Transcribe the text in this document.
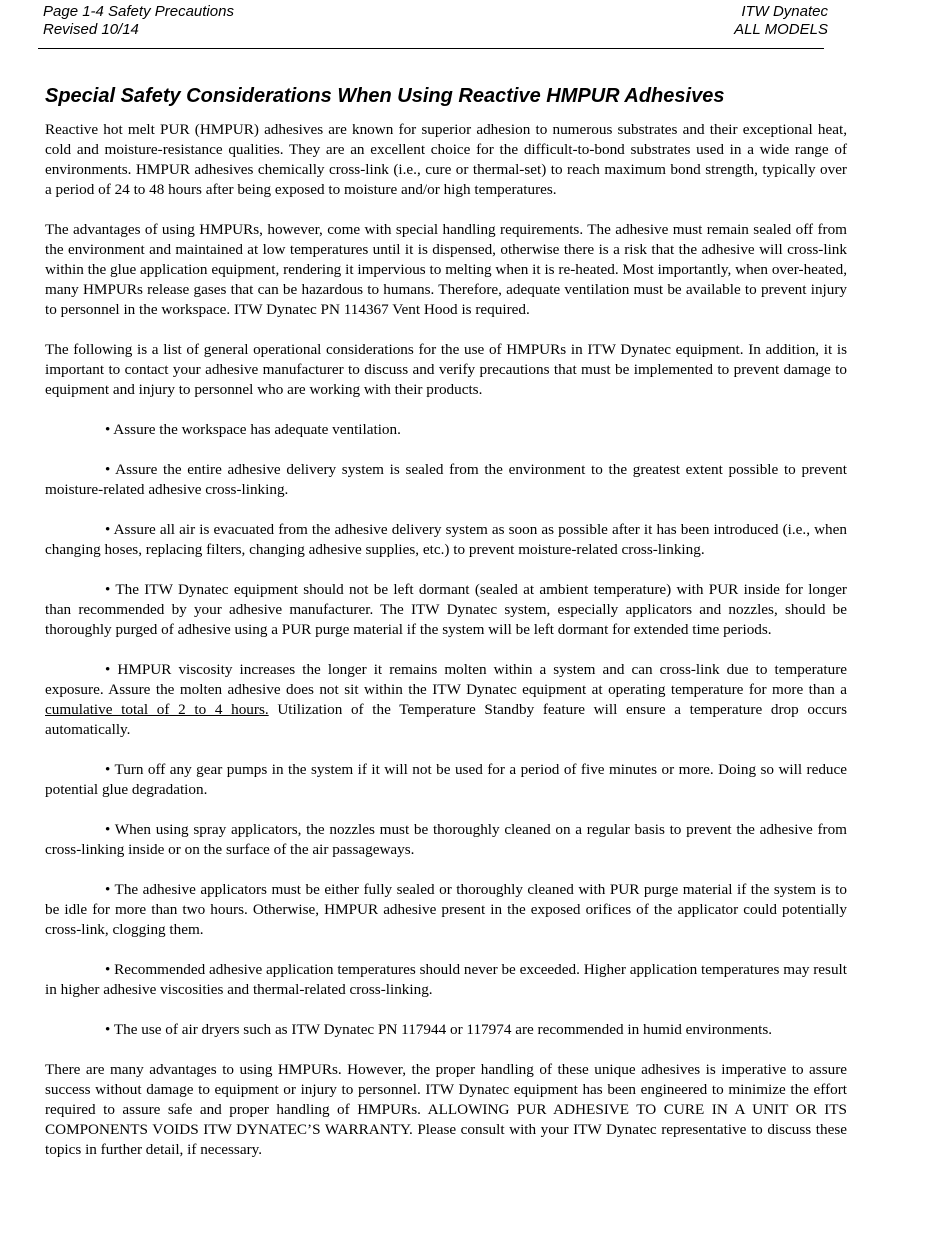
Page 1-4 Safety Precautions
Revised 10/14
ITW Dynatec
ALL MODELS
Special Safety Considerations When Using Reactive HMPUR Adhesives

Reactive hot melt PUR (HMPUR) adhesives are known for superior adhesion to numerous substrates and their exceptional heat, cold and moisture-resistance qualities. They are an excellent choice for the difficult-to-bond substrates used in a wide range of environments. HMPUR adhesives chemically cross-link (i.e., cure or thermal-set) to reach maximum bond strength, typically over a period of 24 to 48 hours after being exposed to moisture and/or high temperatures.

The advantages of using HMPURs, however, come with special handling requirements. The adhesive must remain sealed off from the environment and maintained at low temperatures until it is dispensed, otherwise there is a risk that the adhesive will cross-link within the glue application equipment, rendering it impervious to melting when it is re-heated. Most importantly, when over-heated, many HMPURs release gases that can be hazardous to humans. Therefore, adequate ventilation must be available to prevent injury to personnel in the workspace. ITW Dynatec PN 114367 Vent Hood is required.

The following is a list of general operational considerations for the use of HMPURs in ITW Dynatec equipment. In addition, it is important to contact your adhesive manufacturer to discuss and verify precautions that must be implemented to prevent damage to equipment and injury to personnel who are working with their products.

• Assure the workspace has adequate ventilation.

• Assure the entire adhesive delivery system is sealed from the environment to the greatest extent possible to prevent moisture-related adhesive cross-linking.

• Assure all air is evacuated from the adhesive delivery system as soon as possible after it has been introduced (i.e., when changing hoses, replacing filters, changing adhesive supplies, etc.) to prevent moisture-related cross-linking.

• The ITW Dynatec equipment should not be left dormant (sealed at ambient temperature) with PUR inside for longer than recommended by your adhesive manufacturer. The ITW Dynatec system, especially applicators and nozzles, should be thoroughly purged of adhesive using a PUR purge material if the system will be left dormant for extended time periods.

• HMPUR viscosity increases the longer it remains molten within a system and can cross-link due to temperature exposure. Assure the molten adhesive does not sit within the ITW Dynatec equipment at operating temperature for more than a cumulative total of 2 to 4 hours. Utilization of the Temperature Standby feature will ensure a temperature drop occurs automatically.

• Turn off any gear pumps in the system if it will not be used for a period of five minutes or more. Doing so will reduce potential glue degradation.

• When using spray applicators, the nozzles must be thoroughly cleaned on a regular basis to prevent the adhesive from cross-linking inside or on the surface of the air passageways.

• The adhesive applicators must be either fully sealed or thoroughly cleaned with PUR purge material if the system is to be idle for more than two hours. Otherwise, HMPUR adhesive present in the exposed orifices of the applicator could potentially cross-link, clogging them.

• Recommended adhesive application temperatures should never be exceeded. Higher application temperatures may result in higher adhesive viscosities and thermal-related cross-linking.

• The use of air dryers such as ITW Dynatec PN 117944 or 117974 are recommended in humid environments.

There are many advantages to using HMPURs. However, the proper handling of these unique adhesives is imperative to assure success without damage to equipment or injury to personnel. ITW Dynatec equipment has been engineered to minimize the effort required to assure safe and proper handling of HMPURs. ALLOWING PUR ADHESIVE TO CURE IN A UNIT OR ITS COMPONENTS VOIDS ITW DYNATEC’S WARRANTY. Please consult with your ITW Dynatec representative to discuss these topics in further detail, if necessary.
